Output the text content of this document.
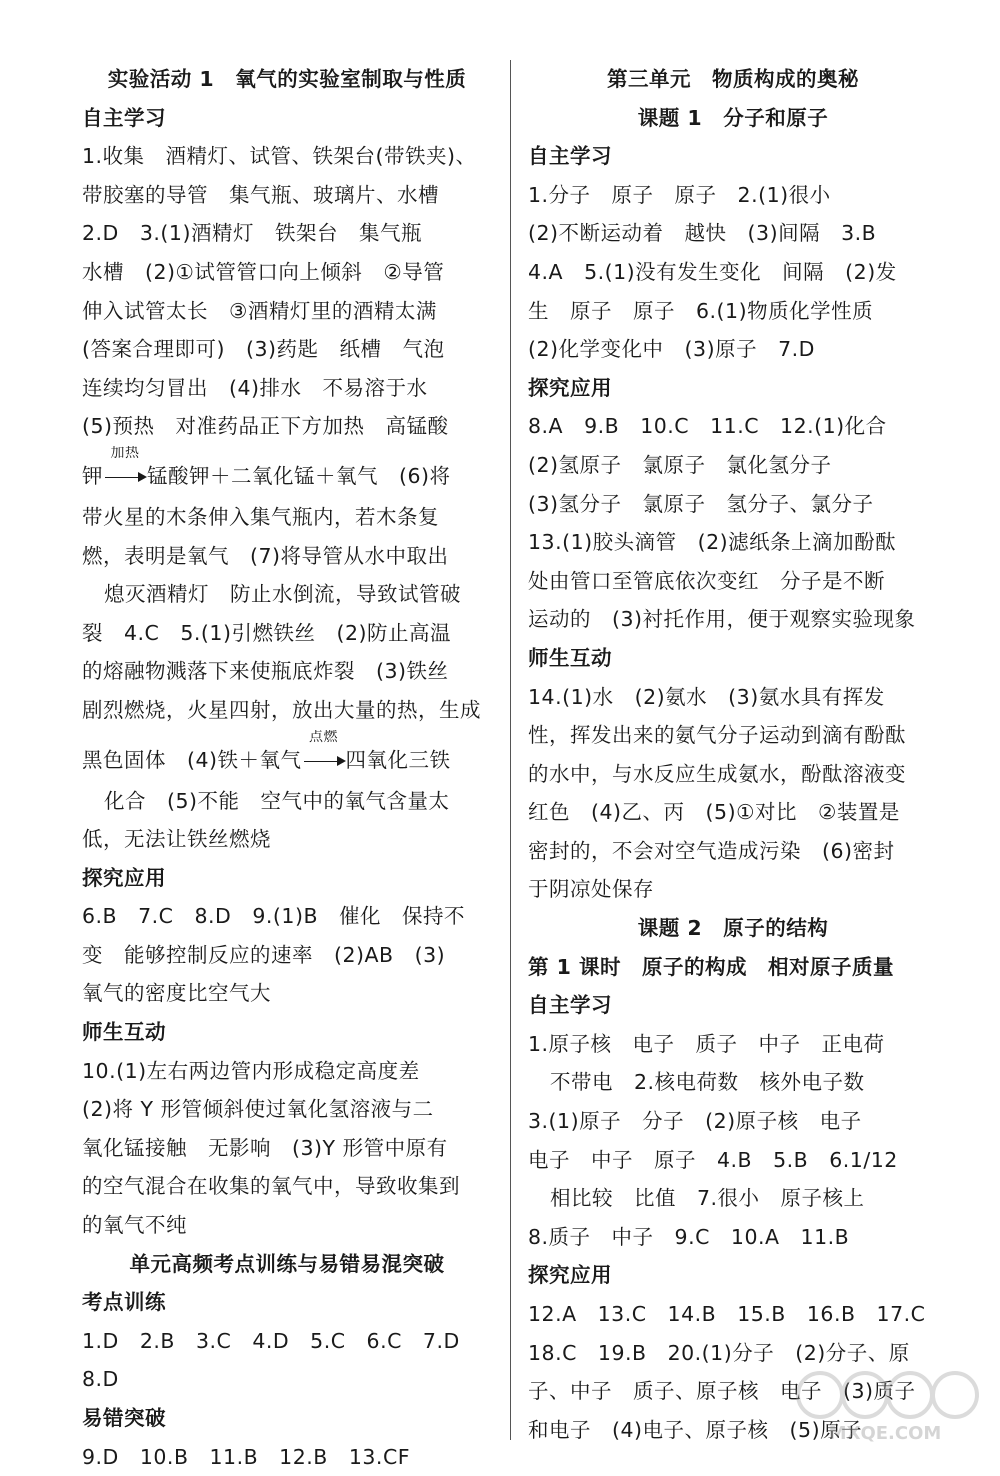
实验活动 1　氧气的实验室制取与性质
自主学习
1.收集　酒精灯、试管、铁架台(带铁夹)、
带胶塞的导管　集气瓶、玻璃片、水槽
2.D　3.(1)酒精灯　铁架台　集气瓶
水槽　(2)①试管管口向上倾斜　②导管
伸入试管太长　③酒精灯里的酒精太满
(答案合理即可)　(3)药匙　纸槽　气泡
连续均匀冒出　(4)排水　不易溶于水
(5)预热　对准药品正下方加热　高锰酸
钾
加热
锰酸钾＋二氧化锰＋氧气　(6)将
带火星的木条伸入集气瓶内，若木条复
燃，表明是氧气　(7)将导管从水中取出
熄灭酒精灯　防止水倒流，导致试管破
裂　4.C　5.(1)引燃铁丝　(2)防止高温
的熔融物溅落下来使瓶底炸裂　(3)铁丝
剧烈燃烧，火星四射，放出大量的热，生成
黑色固体　(4)铁＋氧气
点燃
四氧化三铁
化合　(5)不能　空气中的氧气含量太
低，无法让铁丝燃烧
探究应用
6.B　7.C　8.D　9.(1)B　催化　保持不
变　能够控制反应的速率　(2)AB　(3)
氧气的密度比空气大
师生互动
10.(1)左右两边管内形成稳定高度差
(2)将 Y 形管倾斜使过氧化氢溶液与二
氧化锰接触　无影响　(3)Y 形管中原有
的空气混合在收集的氧气中，导致收集到
的氧气不纯
单元高频考点训练与易错易混突破
考点训练
1.D　2.B　3.C　4.D　5.C　6.C　7.D
8.D
易错突破
9.D　10.B　11.B　12.B　13.CF
第三单元　物质构成的奥秘
课题 1　分子和原子
自主学习
1.分子　原子　原子　2.(1)很小
(2)不断运动着　越快　(3)间隔　3.B
4.A　5.(1)没有发生变化　间隔　(2)发
生　原子　原子　6.(1)物质化学性质
(2)化学变化中　(3)原子　7.D
探究应用
8.A　9.B　10.C　11.C　12.(1)化合
(2)氢原子　氯原子　氯化氢分子
(3)氢分子　氯原子　氢分子、氯分子
13.(1)胶头滴管　(2)滤纸条上滴加酚酞
处由管口至管底依次变红　分子是不断
运动的　(3)衬托作用，便于观察实验现象
师生互动
14.(1)水　(2)氨水　(3)氨水具有挥发
性，挥发出来的氨气分子运动到滴有酚酞
的水中，与水反应生成氨水，酚酞溶液变
红色　(4)乙、丙　(5)①对比　②装置是
密封的，不会对空气造成污染　(6)密封
于阴凉处保存
课题 2　原子的结构
第 1 课时　原子的构成　相对原子质量
自主学习
1.原子核　电子　质子　中子　正电荷
不带电　2.核电荷数　核外电子数
3.(1)原子　分子　(2)原子核　电子
电子　中子　原子　4.B　5.B　6.1/12
相比较　比值　7.很小　原子核上
8.质子　中子　9.C　10.A　11.B
探究应用
12.A　13.C　14.B　15.B　16.B　17.C
18.C　19.B　20.(1)分子　(2)分子、原
子、中子　质子、原子核　电子　(3)质子
和电子　(4)电子、原子核　(5)原子
MXQE.COM
